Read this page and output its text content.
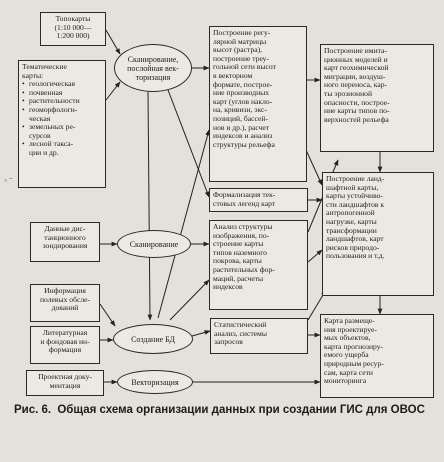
₃ ~
Топокарты
(1:10 000—
1:200 000)
Тематические
карты:
• геологическая
• почвенная
• растительности
• геоморфологи-
ческая
• земельных ре-
сурсов
• лесной такса-
ции и др.
Данные дис-
танционного
зондирования
Информация
полевых обсле-
дований
Литературная
и фондовая ин-
формация
Проектная доку-
ментация
Сканирование,
послойная век-
торизация
Сканирование
Создание БД
Векторизация
Построение регу-
лярной матрицы
высот (растра),
построение треу-
гольной сети высот
в векторном
формате, построе-
ние производных
карт (углов накло-
на, кривизн, экс-
позиций, бассей-
нов и др.), расчет
индексов и анализ
структуры рельефа
Формализация тек-
стовых легенд карт
Анализ структуры
изображения, по-
строение карты
типов наземного
покрова, карты
растительных фор-
маций, расчеты
индексов
Статистический
анализ, системы
запросов
Построение имита-
ционных моделей и
карт геохимической
миграции, воздуш-
ного переноса, кар-
ты эрозионной
опасности, построе-
ние карты типов по-
верхностей рельефа
Построение ланд-
шафтной карты,
карты устойчиво-
сти ландшафтов к
антропогенной
нагрузке, карты
трансформации
ландшафтов, карт
рисков природо-
пользования и т.д.
Карта размеще-
ния проектируе-
мых объектов,
карта прогнозиру-
емого ущерба
природным ресур-
сам, карта сети
мониторинга
Рис. 6. Общая схема организации данных при создании ГИС для ОВОС
